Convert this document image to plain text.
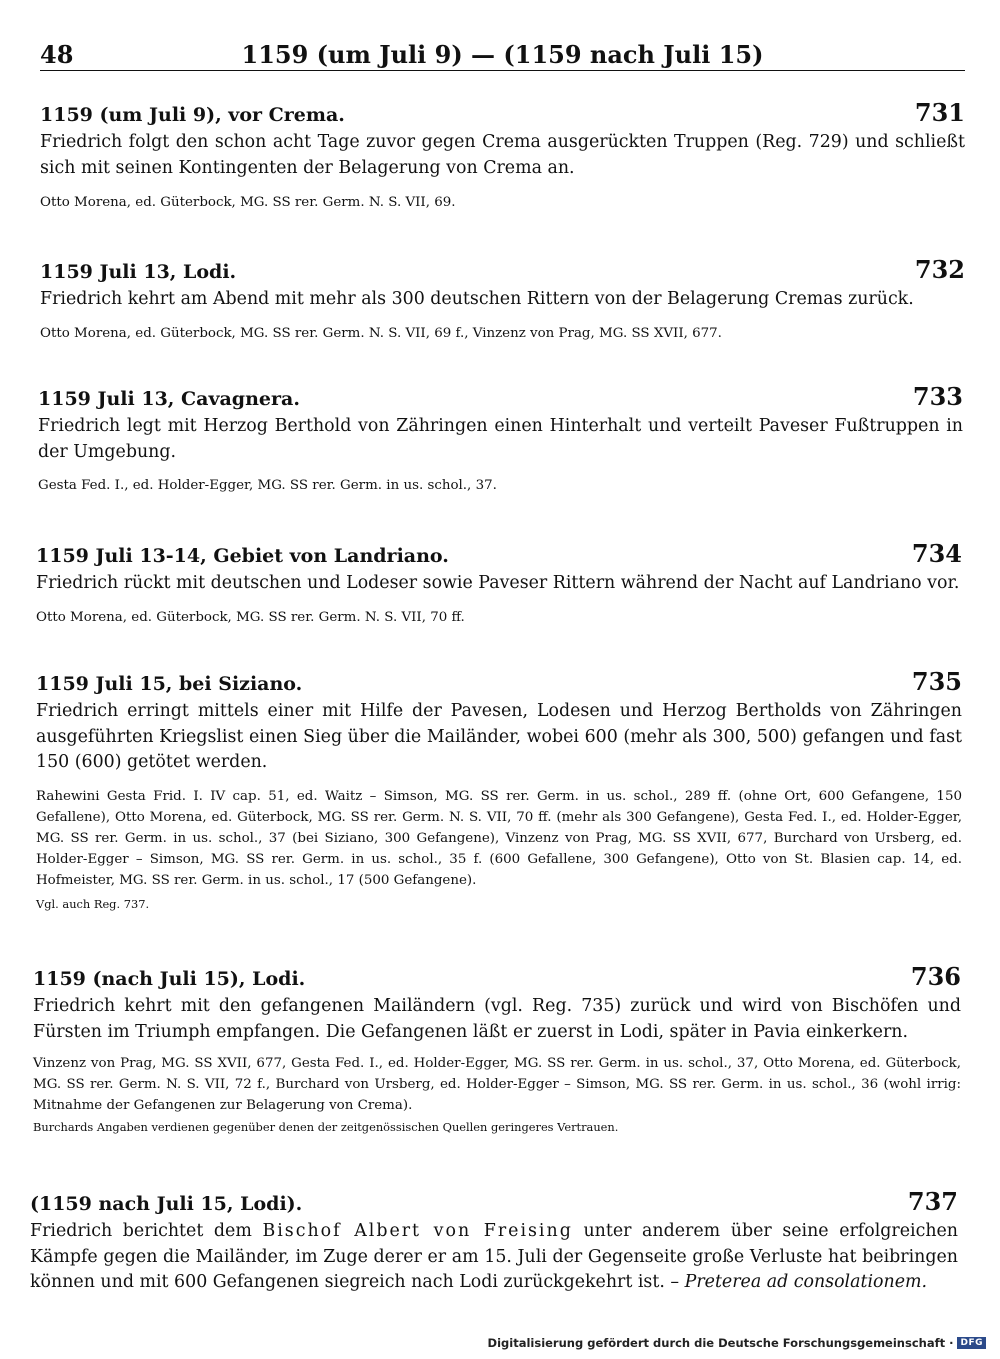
48	1159 (um Juli 9) — (1159 nach Juli 15)
1159 (um Juli 9), vor Crema.	731
Friedrich folgt den schon acht Tage zuvor gegen Crema ausgerückten Truppen (Reg. 729) und schließt sich mit seinen Kontingenten der Belagerung von Crema an.
Otto Morena, ed. Güterbock, MG. SS rer. Germ. N. S. VII, 69.
1159 Juli 13, Lodi.	732
Friedrich kehrt am Abend mit mehr als 300 deutschen Rittern von der Belagerung Cremas zurück.
Otto Morena, ed. Güterbock, MG. SS rer. Germ. N. S. VII, 69 f., Vinzenz von Prag, MG. SS XVII, 677.
1159 Juli 13, Cavagnera.	733
Friedrich legt mit Herzog Berthold von Zähringen einen Hinterhalt und verteilt Paveser Fußtruppen in der Umgebung.
Gesta Fed. I., ed. Holder-Egger, MG. SS rer. Germ. in us. schol., 37.
1159 Juli 13-14, Gebiet von Landriano.	734
Friedrich rückt mit deutschen und Lodeser sowie Paveser Rittern während der Nacht auf Landriano vor.
Otto Morena, ed. Güterbock, MG. SS rer. Germ. N. S. VII, 70 ff.
1159 Juli 15, bei Siziano.	735
Friedrich erringt mittels einer mit Hilfe der Pavesen, Lodesen und Herzog Bertholds von Zähringen ausgeführten Kriegslist einen Sieg über die Mailänder, wobei 600 (mehr als 300, 500) gefangen und fast 150 (600) getötet werden.
Rahewini Gesta Frid. I. IV cap. 51, ed. Waitz – Simson, MG. SS rer. Germ. in us. schol., 289 ff. (ohne Ort, 600 Gefangene, 150 Gefallene), Otto Morena, ed. Güterbock, MG. SS rer. Germ. N. S. VII, 70 ff. (mehr als 300 Gefangene), Gesta Fed. I., ed. Holder-Egger, MG. SS rer. Germ. in us. schol., 37 (bei Siziano, 300 Gefangene), Vinzenz von Prag, MG. SS XVII, 677, Burchard von Ursberg, ed. Holder-Egger – Simson, MG. SS rer. Germ. in us. schol., 35 f. (600 Gefallene, 300 Gefangene), Otto von St. Blasien cap. 14, ed. Hofmeister, MG. SS rer. Germ. in us. schol., 17 (500 Gefangene).
Vgl. auch Reg. 737.
1159 (nach Juli 15), Lodi.	736
Friedrich kehrt mit den gefangenen Mailändern (vgl. Reg. 735) zurück und wird von Bischöfen und Fürsten im Triumph empfangen. Die Gefangenen läßt er zuerst in Lodi, später in Pavia einkerkern.
Vinzenz von Prag, MG. SS XVII, 677, Gesta Fed. I., ed. Holder-Egger, MG. SS rer. Germ. in us. schol., 37, Otto Morena, ed. Güterbock, MG. SS rer. Germ. N. S. VII, 72 f., Burchard von Ursberg, ed. Holder-Egger – Simson, MG. SS rer. Germ. in us. schol., 36 (wohl irrig: Mitnahme der Gefangenen zur Belagerung von Crema).
Burchards Angaben verdienen gegenüber denen der zeitgenössischen Quellen geringeres Vertrauen.
(1159 nach Juli 15, Lodi).	737
Friedrich berichtet dem Bischof Albert von Freising unter anderem über seine erfolgreichen Kämpfe gegen die Mailänder, im Zuge derer er am 15. Juli der Gegenseite große Verluste hat beibringen können und mit 600 Gefangenen siegreich nach Lodi zurückgekehrt ist. – Preterea ad consolationem.
Digitalisierung gefördert durch die Deutsche Forschungsgemeinschaft · DFG
